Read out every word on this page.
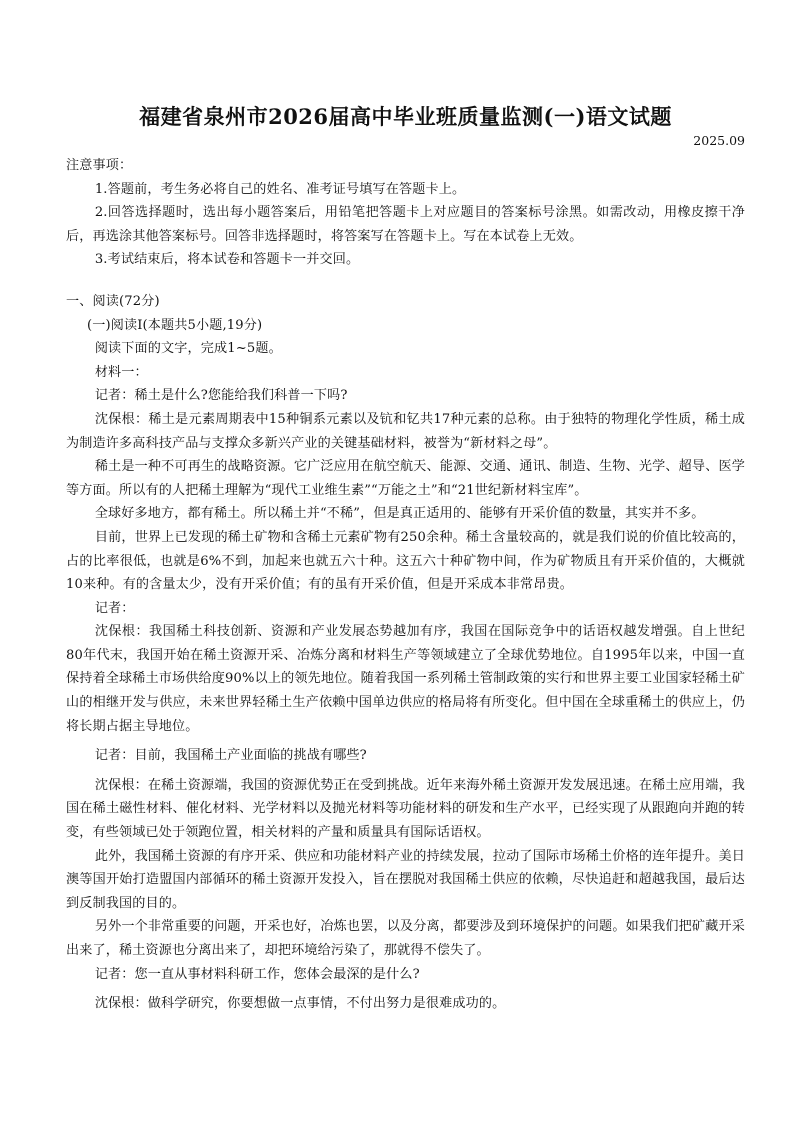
福建省泉州市2026届高中毕业班质量监测(一)语文试题
2025.09

注意事项：

1.答题前，考生务必将自己的姓名、准考证号填写在答题卡上。

2.回答选择题时，选出每小题答案后，用铅笔把答题卡上对应题目的答案标号涂黑。如需改动，用橡皮擦干净后，再选涂其他答案标号。回答非选择题时，将答案写在答题卡上。写在本试卷上无效。

3.考试结束后，将本试卷和答题卡一并交回。

一、阅读(72分)

(一)阅读Ⅰ(本题共5小题,19分)

阅读下面的文字，完成1~5题。

材料一：

记者：稀土是什么?您能给我们科普一下吗?

沈保根：稀土是元素周期表中15种铜系元素以及钪和钇共17种元素的总称。由于独特的物理化学性质，稀土成为制造许多高科技产品与支撑众多新兴产业的关键基础材料，被誉为“新材料之母”。

稀土是一种不可再生的战略资源。它广泛应用在航空航天、能源、交通、通讯、制造、生物、光学、超导、医学等方面。所以有的人把稀土理解为“现代工业维生素”“万能之土”和“21世纪新材料宝库”。

全球好多地方，都有稀土。所以稀土并“不稀”，但是真正适用的、能够有开采价值的数量，其实并不多。

目前，世界上已发现的稀土矿物和含稀土元素矿物有250余种。稀土含量较高的，就是我们说的价值比较高的，占的比率很低，也就是6%不到，加起来也就五六十种。这五六十种矿物中间，作为矿物质且有开采价值的，大概就10来种。有的含量太少，没有开采价值；有的虽有开采价值，但是开采成本非常昂贵。

记者：

沈保根：我国稀土科技创新、资源和产业发展态势越加有序，我国在国际竞争中的话语权越发增强。自上世纪80年代末，我国开始在稀土资源开采、冶炼分离和材料生产等领域建立了全球优势地位。自1995年以来，中国一直保持着全球稀土市场供给度90%以上的领先地位。随着我国一系列稀土管制政策的实行和世界主要工业国家轻稀土矿山的相继开发与供应，未来世界轻稀土生产依赖中国单边供应的格局将有所变化。但中国在全球重稀土的供应上，仍将长期占据主导地位。

记者：目前，我国稀土产业面临的挑战有哪些?

沈保根：在稀土资源端，我国的资源优势正在受到挑战。近年来海外稀土资源开发发展迅速。在稀土应用端，我国在稀土磁性材料、催化材料、光学材料以及抛光材料等功能材料的研发和生产水平，已经实现了从跟跑向并跑的转变，有些领域已处于领跑位置，相关材料的产量和质量具有国际话语权。

此外，我国稀土资源的有序开采、供应和功能材料产业的持续发展，拉动了国际市场稀土价格的连年提升。美日澳等国开始打造盟国内部循环的稀土资源开发投入，旨在摆脱对我国稀土供应的依赖，尽快追赶和超越我国，最后达到反制我国的目的。

另外一个非常重要的问题，开采也好，冶炼也罢，以及分离，都要涉及到环境保护的问题。如果我们把矿藏开采出来了，稀土资源也分离出来了，却把环境给污染了，那就得不偿失了。

记者：您一直从事材料科研工作，您体会最深的是什么?

沈保根：做科学研究，你要想做一点事情，不付出努力是很难成功的。
